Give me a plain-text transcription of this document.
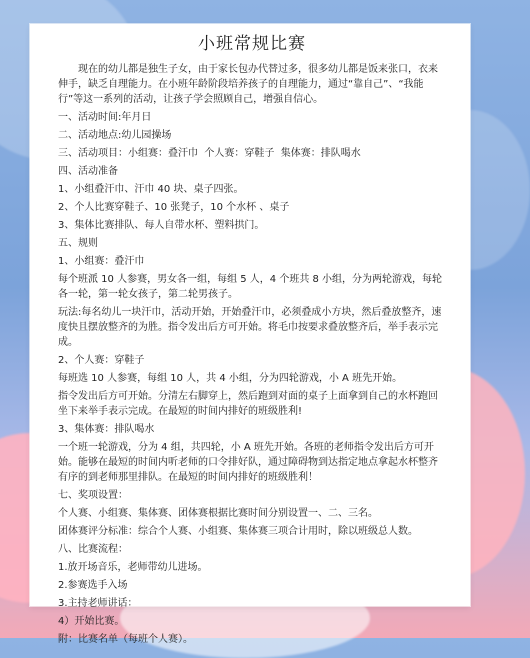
小班常规比赛
现在的幼儿都是独生子女，由于家长包办代替过多，很多幼儿都是饭来张口，衣来伸手，缺乏自理能力。在小班年龄阶段培养孩子的自理能力，通过“靠自己”、“我能行”等这一系列的活动，让孩子学会照顾自己，增强自信心。
一、活动时间:年月日
二、活动地点:幼儿园操场
三、活动项目：小组赛：叠汗巾  个人赛：穿鞋子  集体赛：排队喝水
四、活动准备
1、小组叠汗巾、汗巾 40 块、桌子四张。
2、个人比赛穿鞋子、10 张凳子，10 个水杯 、桌子
3、集体比赛排队、每人自带水杯、塑料拱门。
五、规则
1、小组赛：叠汗巾
每个班派 10 人参赛，男女各一组，每组 5 人，4 个班共 8 小组，分为两轮游戏，每轮各一轮，第一轮女孩子，第二轮男孩子。
玩法:每名幼儿一块汗巾，活动开始，开始叠汗巾，必须叠成小方块，然后叠放整齐，速度快且摆放整齐的为胜。指令发出后方可开始。将毛巾按要求叠放整齐后，举手表示完成。
2、个人赛：穿鞋子
每班选 10 人参赛，每组 10 人，共 4 小组，分为四轮游戏，小 A 班先开始。
指令发出后方可开始。分清左右脚穿上，然后跑到对面的桌子上面拿到自己的水杯跑回坐下来举手表示完成。在最短的时间内排好的班级胜利!
3、集体赛：排队喝水
一个班一轮游戏，分为 4 组，共四轮，小 A 班先开始。各班的老师指令发出后方可开始。能够在最短的时间内听老师的口令排好队，通过障碍物到达指定地点拿起水杯整齐有序的到老师那里排队。在最短的时间内排好的班级胜利！
七、奖项设置：
个人赛、小组赛、集体赛、团体赛根据比赛时间分别设置一、二、三名。
团体赛评分标准：综合个人赛、小组赛、集体赛三项合计用时，除以班级总人数。
八、比赛流程：
1.放开场音乐，老师带幼儿进场。
2.参赛选手入场
3.主持老师讲话：
4）开始比赛。
附：比赛名单（每班个人赛）。
